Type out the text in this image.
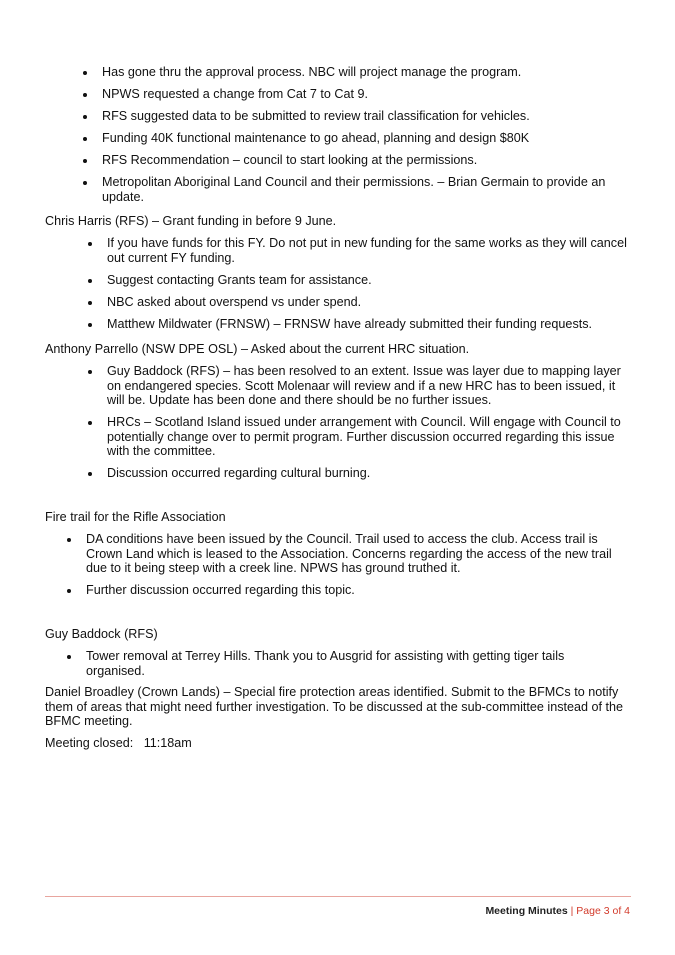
Has gone thru the approval process. NBC will project manage the program.
NPWS requested a change from Cat 7 to Cat 9.
RFS suggested data to be submitted to review trail classification for vehicles.
Funding 40K functional maintenance to go ahead, planning and design $80K
RFS Recommendation – council to start looking at the permissions.
Metropolitan Aboriginal Land Council and their permissions. – Brian Germain to provide an update.
Chris Harris (RFS) – Grant funding in before 9 June.
If you have funds for this FY. Do not put in new funding for the same works as they will cancel out current FY funding.
Suggest contacting Grants team for assistance.
NBC asked about overspend vs under spend.
Matthew Mildwater (FRNSW) – FRNSW have already submitted their funding requests.
Anthony Parrello (NSW DPE OSL) – Asked about the current HRC situation.
Guy Baddock (RFS) – has been resolved to an extent. Issue was layer due to mapping layer on endangered species. Scott Molenaar will review and if a new HRC has to been issued, it will be. Update has been done and there should be no further issues.
HRCs – Scotland Island issued under arrangement with Council. Will engage with Council to potentially change over to permit program. Further discussion occurred regarding this issue with the committee.
Discussion occurred regarding cultural burning.
Fire trail for the Rifle Association
DA conditions have been issued by the Council. Trail used to access the club. Access trail is Crown Land which is leased to the Association. Concerns regarding the access of the new trail due to it being steep with a creek line. NPWS has ground truthed it.
Further discussion occurred regarding this topic.
Guy Baddock (RFS)
Tower removal at Terrey Hills. Thank you to Ausgrid for assisting with getting tiger tails organised.
Daniel Broadley (Crown Lands) – Special fire protection areas identified. Submit to the BFMCs to notify them of areas that might need further investigation. To be discussed at the sub-committee instead of the BFMC meeting.
Meeting closed:   11:18am
Meeting Minutes | Page 3 of 4
